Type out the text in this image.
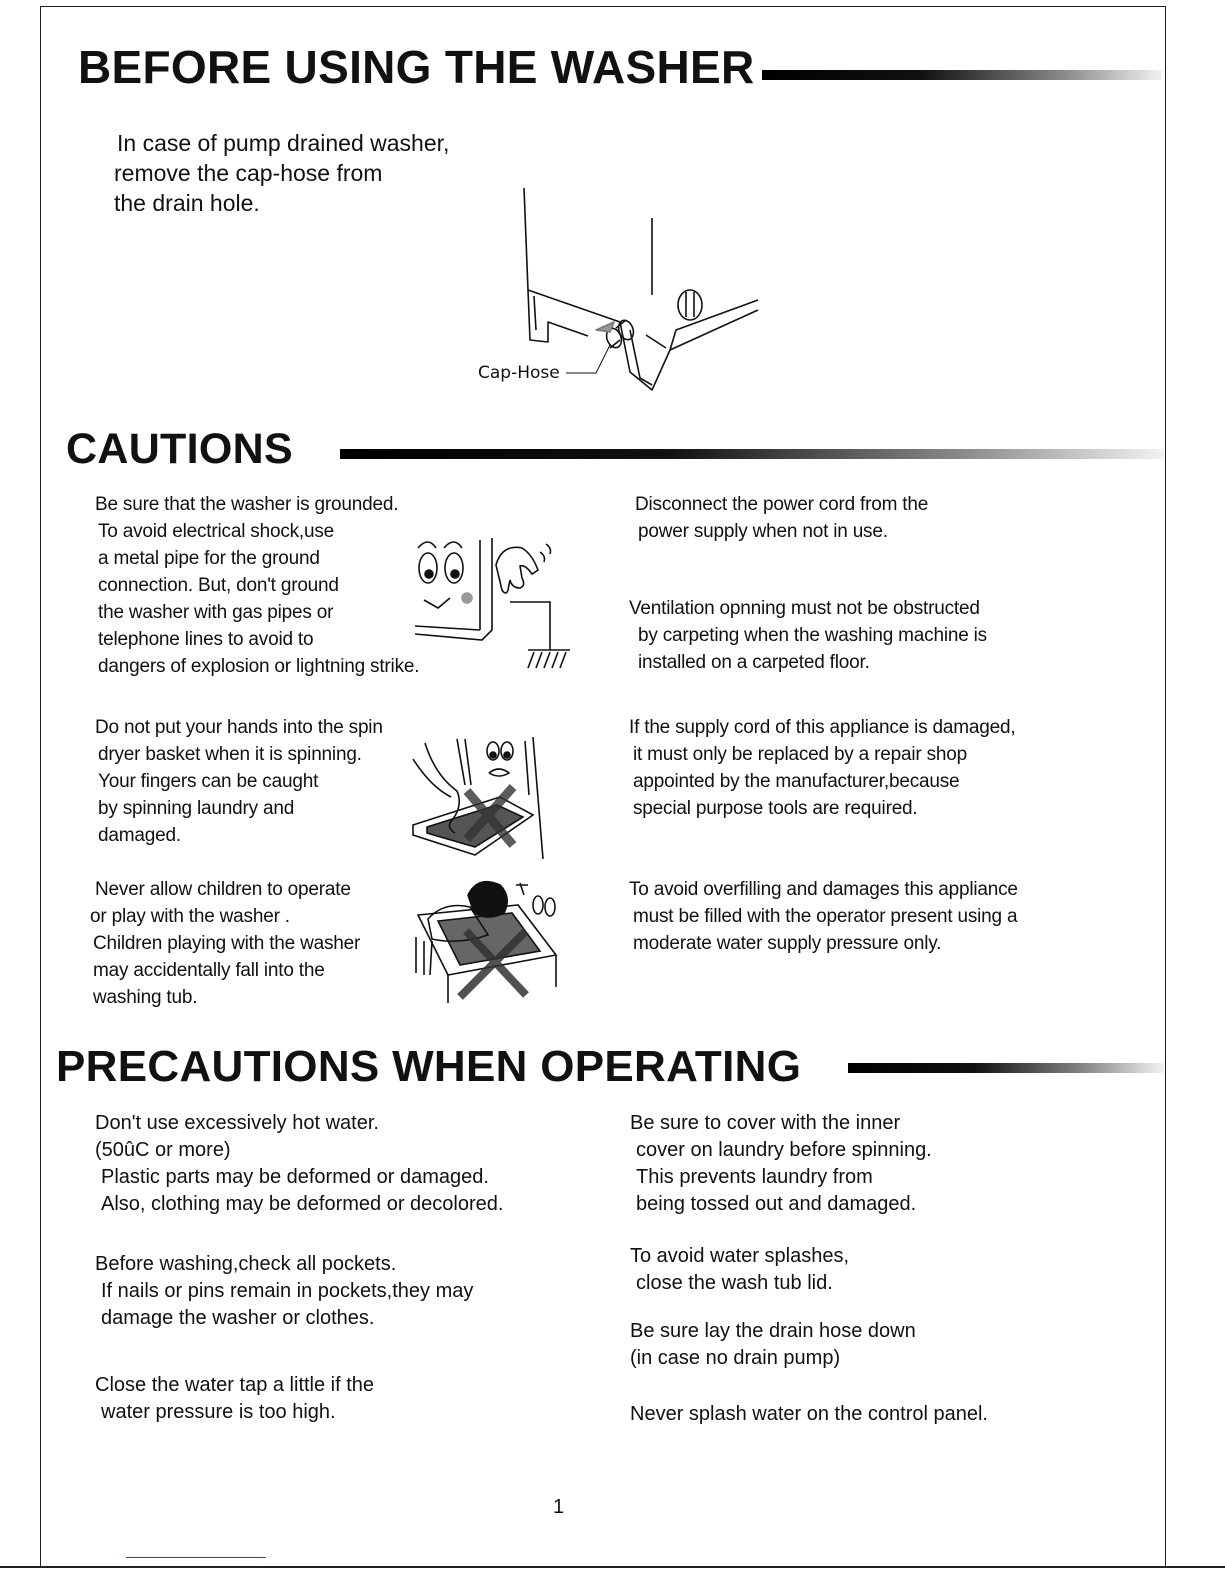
BEFORE USING THE WASHER

In case of pump drained washer,
remove the cap-hose from
the drain hole.

Cap-Hose
CAUTIONS

Be sure that the washer is grounded.
To avoid electrical shock,use
a metal pipe for the ground
connection. But, don't ground
the washer with gas pipes or
telephone lines to avoid to
dangers of explosion or lightning strike.

Do not put your hands into the spin
dryer basket when it is spinning.
Your fingers can be caught
by spinning laundry and
damaged.

Never allow children to operate
or play with the washer .
Children playing with the washer
may accidentally fall into the
washing tub.

Disconnect the power cord from the
power supply when not in use.

Ventilation opnning must not be obstructed
by carpeting when the washing machine is
installed on a carpeted floor.

If the supply cord of this appliance is damaged,
it must only be replaced by a repair shop
appointed by the manufacturer,because
special purpose tools are required.

To avoid overfilling and damages this appliance
must be filled with the operator present using a
moderate water supply pressure only.

PRECAUTIONS WHEN OPERATING

Don't use excessively hot water.
(50ûC or more)
Plastic parts may be deformed or damaged.
Also, clothing may be deformed or decolored.

Before washing,check all pockets.
If nails or pins remain in pockets,they may
damage the washer or clothes.

Close the water tap a little if the
water pressure is too high.

Be sure to cover with the inner
cover on laundry before spinning.
This prevents laundry from
being tossed out and damaged.

To avoid water splashes,
close the wash tub lid.

Be sure lay the drain hose down
(in case no drain pump)

Never splash water on the control panel.

1
